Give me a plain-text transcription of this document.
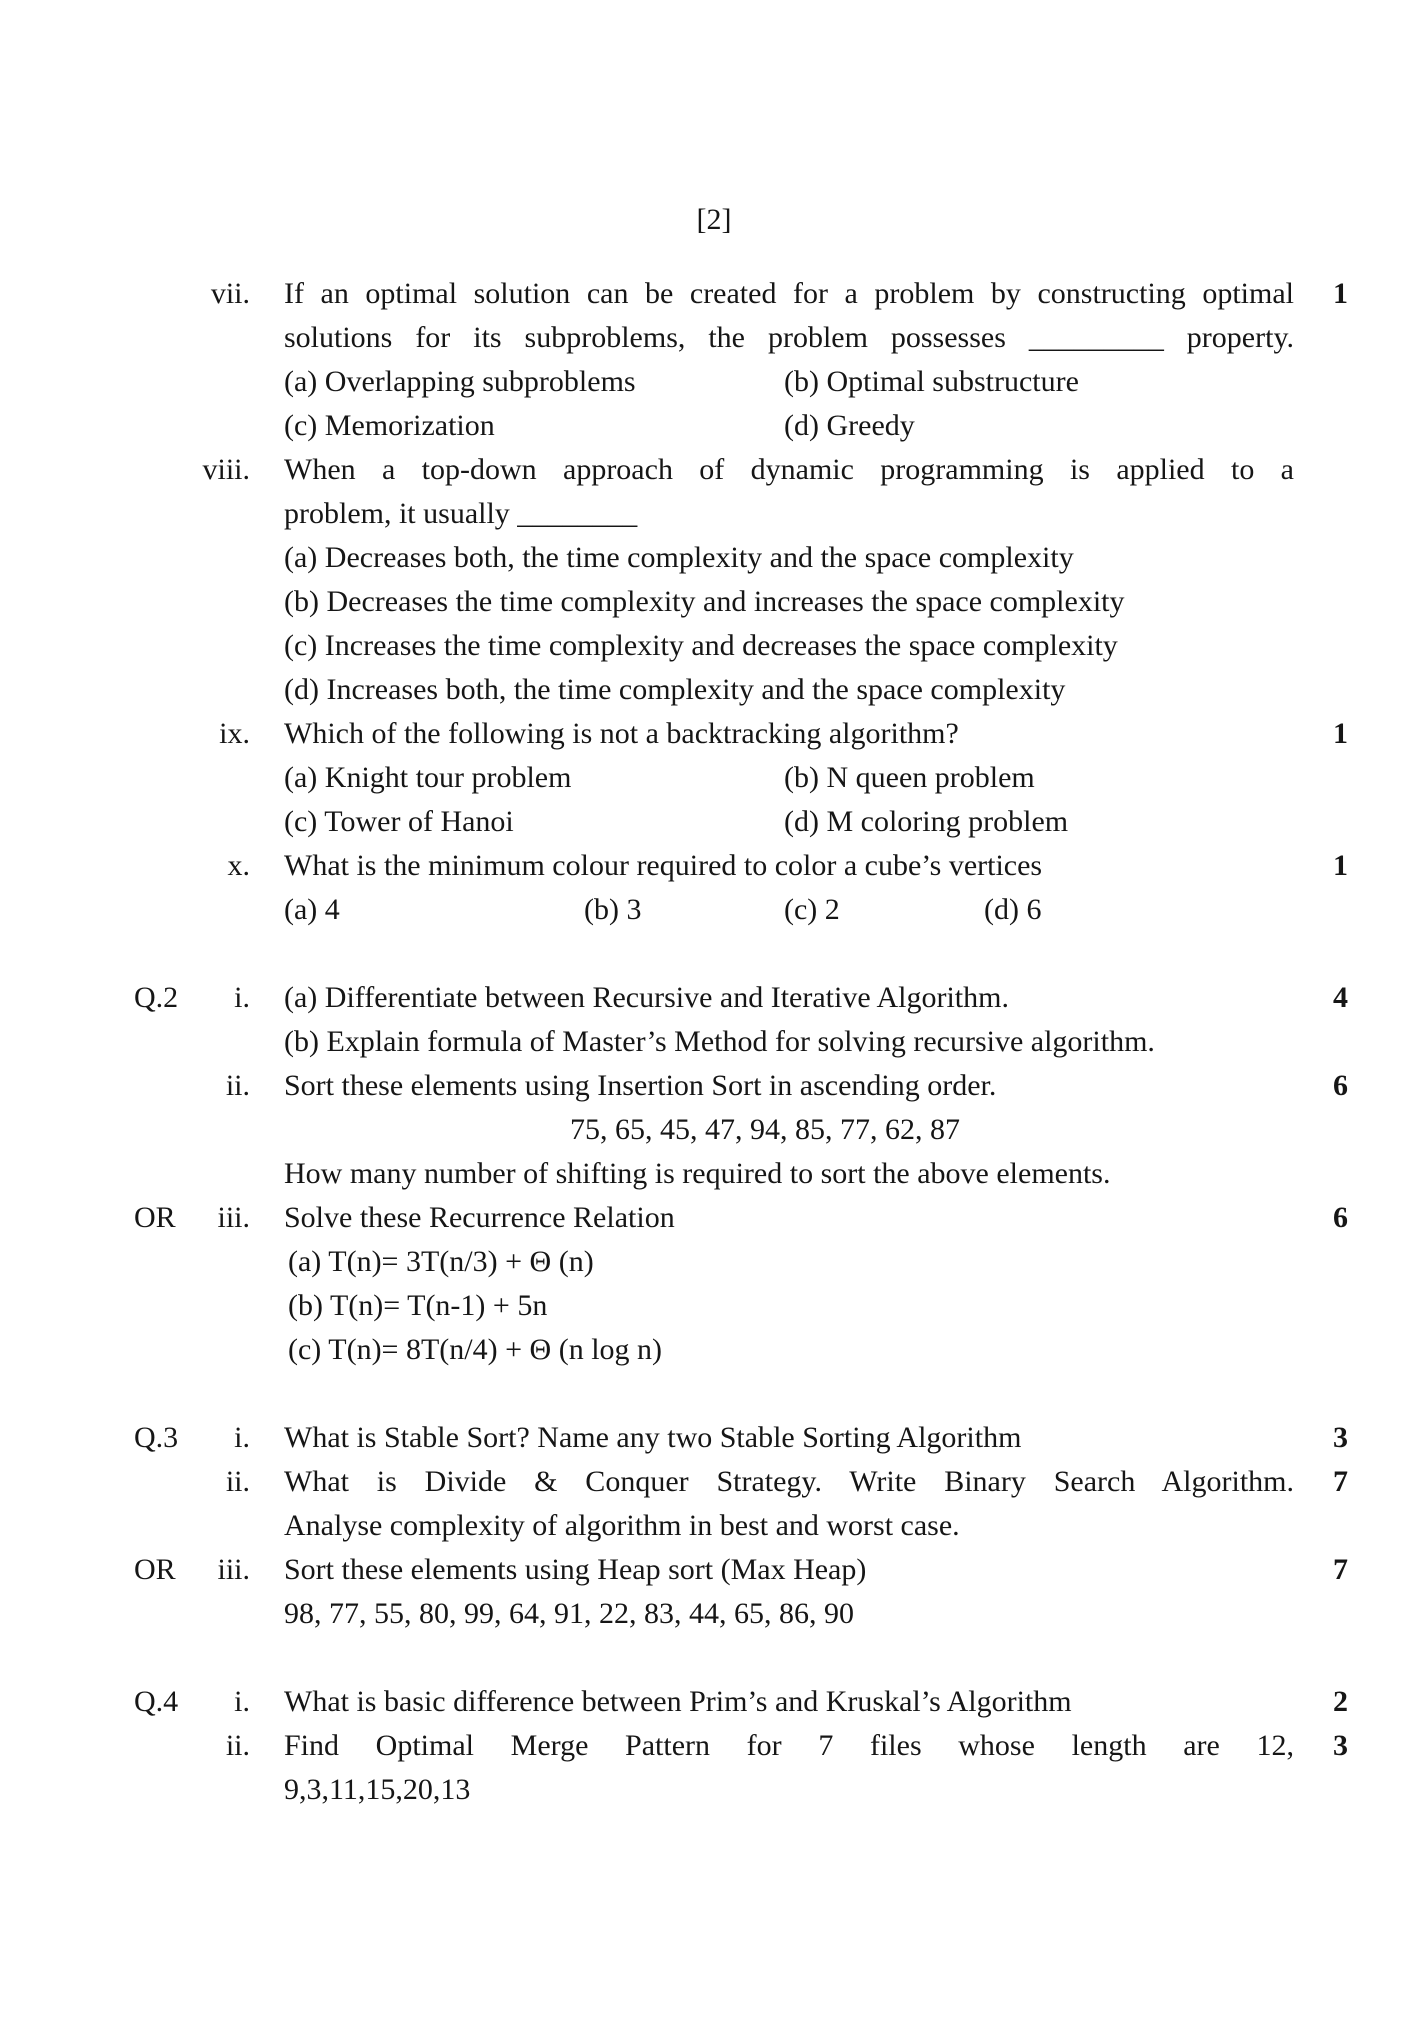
[2]
vii. If an optimal solution can be created for a problem by constructing optimal	1
solutions for its subproblems, the problem possesses _________ property.
(a) Overlapping subproblems	(b) Optimal substructure
(c) Memorization	(d) Greedy
viii. When a top-down approach of dynamic programming is applied to a
problem, it usually ________
(a) Decreases both, the time complexity and the space complexity
(b) Decreases the time complexity and increases the space complexity
(c) Increases the time complexity and decreases the space complexity
(d) Increases both, the time complexity and the space complexity
ix. Which of the following is not a backtracking algorithm?	1
(a) Knight tour problem	(b) N queen problem
(c) Tower of Hanoi	(d) M coloring problem
x. What is the minimum colour required to color a cube’s vertices	1
(a) 4	(b) 3	(c) 2	(d) 6
Q.2	i. (a) Differentiate between Recursive and Iterative Algorithm.	4
(b) Explain formula of Master’s Method for solving recursive algorithm.
ii. Sort these elements using Insertion Sort in ascending order.	6
75, 65, 45, 47, 94, 85, 77, 62, 87
How many number of shifting is required to sort the above elements.
OR	iii. Solve these Recurrence Relation	6
(a) T(n)= 3T(n/3) + Θ (n)
(b) T(n)= T(n-1) + 5n
(c) T(n)= 8T(n/4) + Θ (n log n)
Q.3	i. What is Stable Sort? Name any two Stable Sorting Algorithm	3
ii. What is Divide & Conquer Strategy. Write Binary Search Algorithm.	7
Analyse complexity of algorithm in best and worst case.
OR	iii. Sort these elements using Heap sort (Max Heap)	7
98, 77, 55, 80, 99, 64, 91, 22, 83, 44, 65, 86, 90
Q.4	i. What is basic difference between Prim’s and Kruskal’s Algorithm	2
ii. Find Optimal Merge Pattern for 7 files whose length are 12,	3
9,3,11,15,20,13
